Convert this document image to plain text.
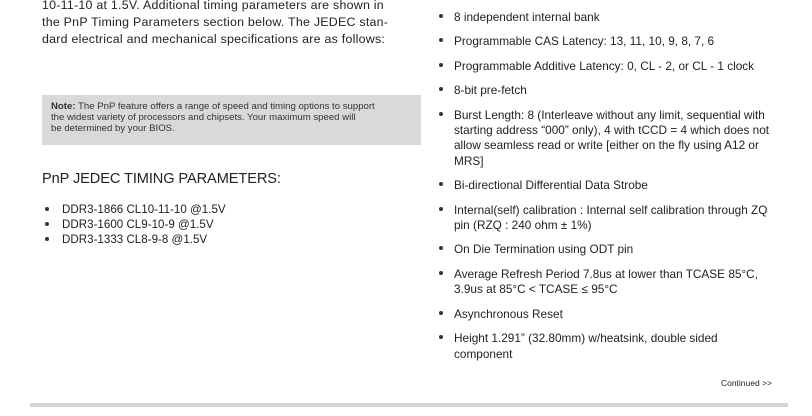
10-11-10 at 1.5V. Additional timing parameters are shown in
the PnP Timing Parameters section below. The JEDEC stan-
dard electrical and mechanical specifications are as follows:

Note: The PnP feature offers a range of speed and timing options to support
the widest variety of processors and chipsets. Your maximum speed will
be determined by your BIOS.
PnP JEDEC TIMING PARAMETERS:
DDR3-1866 CL10-11-10 @1.5V
DDR3-1600 CL9-10-9 @1.5V
DDR3-1333 CL8-9-8 @1.5V
8 independent internal bank
Programmable CAS Latency: 13, 11, 10, 9, 8, 7, 6
Programmable Additive Latency: 0, CL - 2, or CL - 1 clock
8-bit pre-fetch
Burst Length: 8 (Interleave without any limit, sequential with
starting address “000” only), 4 with tCCD = 4 which does not
allow seamless read or write [either on the fly using A12 or
MRS]
Bi-directional Differential Data Strobe
Internal(self) calibration : Internal self calibration through ZQ
pin (RZQ : 240 ohm ± 1%)
On Die Termination using ODT pin
Average Refresh Period 7.8us at lower than TCASE 85°C,
3.9us at 85°C < TCASE ≤ 95°C
Asynchronous Reset
Height 1.291” (32.80mm) w/heatsink, double sided
component
Continued >>
